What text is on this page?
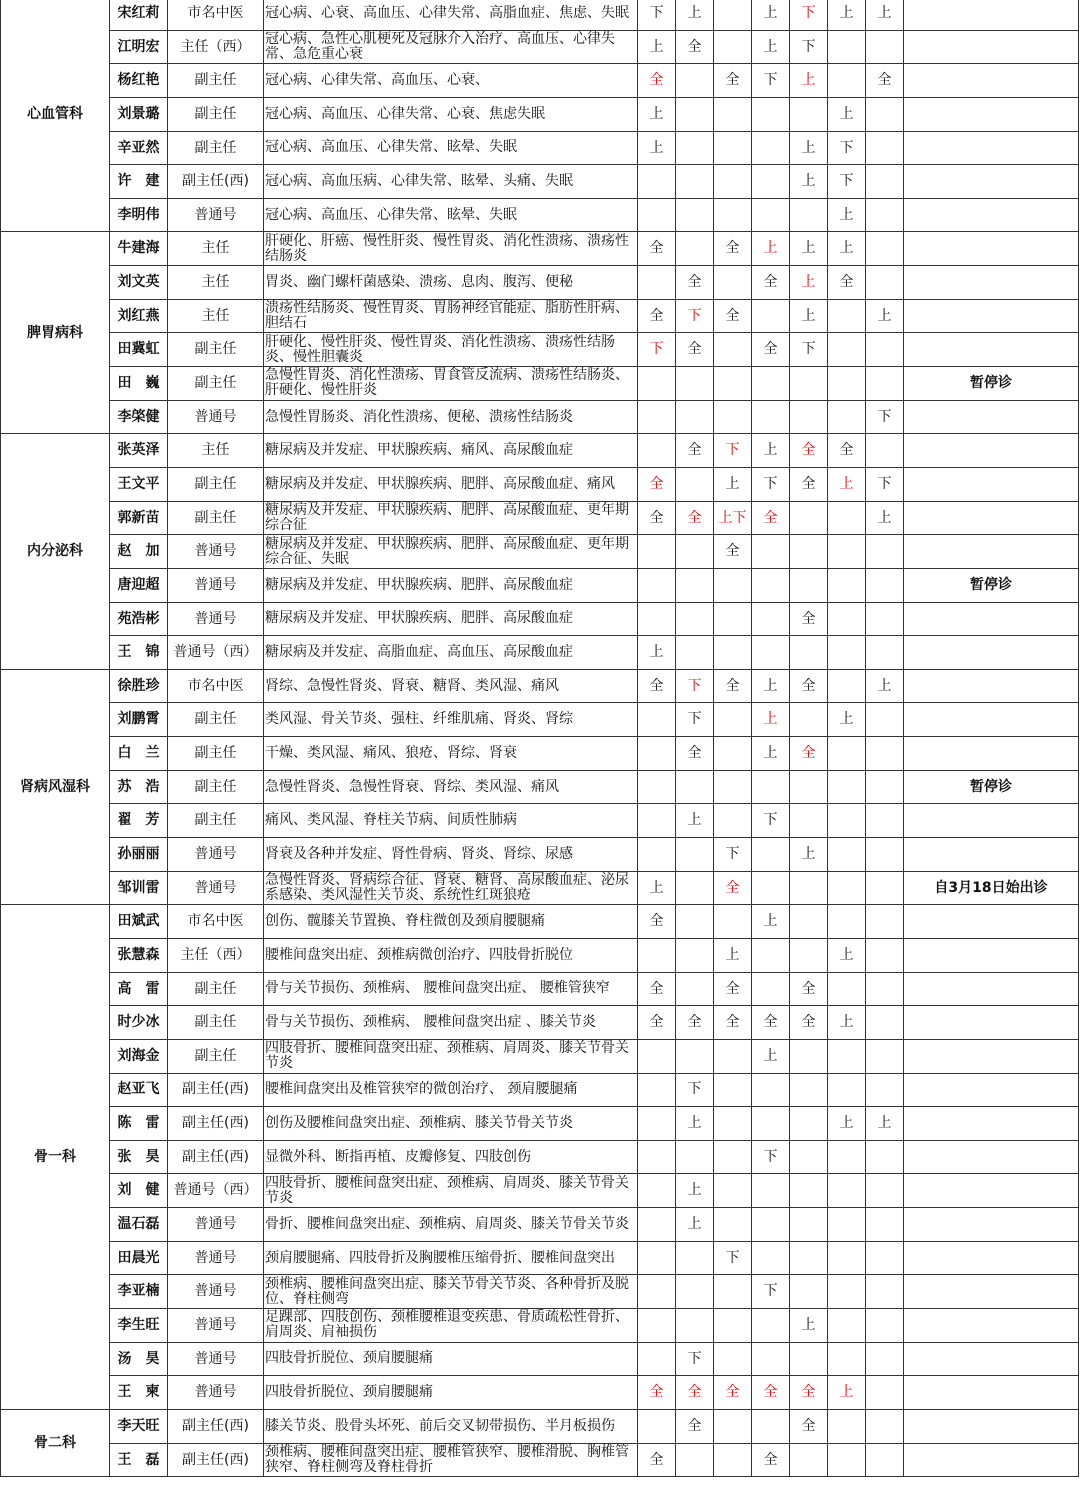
心血管科	宋红莉	市名中医	冠心病、心衰、高血压、心律失常、高脂血症、焦虑、失眠	下	上		上	下	上	上	
	江明宏	主任（西）	冠心病、急性心肌梗死及冠脉介入治疗、高血压、心律失常、急危重心衰	上	全		上	下			
	杨红艳	副主任	冠心病、心律失常、高血压、心衰、	全		全	下	上		全	
	刘景璐	副主任	冠心病、高血压、心律失常、心衰、焦虑失眠	上					上		
	辛亚然	副主任	冠心病、高血压、心律失常、眩晕、失眠	上				上	下		
	许　建	副主任(西)	冠心病、高血压病、心律失常、眩晕、头痛、失眠					上	下		
	李明伟	普通号	冠心病、高血压、心律失常、眩晕、失眠						上		
脾胃病科	牛建海	主任	肝硬化、肝癌、慢性肝炎、慢性胃炎、消化性溃疡、溃疡性结肠炎	全		全	上	上	上		
	刘文英	主任	胃炎、幽门螺杆菌感染、溃疡、息肉、腹泻、便秘		全		全	上	全		
	刘红燕	主任	溃疡性结肠炎、慢性胃炎、胃肠神经官能症、脂肪性肝病、胆结石	全	下	全		上		上	
	田冀虹	副主任	肝硬化、慢性肝炎、慢性胃炎、消化性溃疡、溃疡性结肠炎、慢性胆囊炎	下	全		全	下			
	田　巍	副主任	急慢性胃炎、消化性溃疡、胃食管反流病、溃疡性结肠炎、肝硬化、慢性肝炎								暂停诊
	李棨健	普通号	急慢性胃肠炎、消化性溃疡、便秘、溃疡性结肠炎							下	
内分泌科	张英泽	主任	糖尿病及并发症、甲状腺疾病、痛风、高尿酸血症		全	下	上	全	全		
	王文平	副主任	糖尿病及并发症、甲状腺疾病、肥胖、高尿酸血症、痛风	全		上	下	全	上	下	
	郭新苗	副主任	糖尿病及并发症、甲状腺疾病、肥胖、高尿酸血症、更年期综合征	全	全	上下	全			上	
	赵　加	普通号	糖尿病及并发症、甲状腺疾病、肥胖、高尿酸血症、更年期综合征、失眠			全					
	唐迎超	普通号	糖尿病及并发症、甲状腺疾病、肥胖、高尿酸血症								暂停诊
	苑浩彬	普通号	糖尿病及并发症、甲状腺疾病、肥胖、高尿酸血症					全			
	王　锦	普通号（西）	糖尿病及并发症、高脂血症、高血压、高尿酸血症	上							
肾病风湿科	徐胜珍	市名中医	肾综、急慢性肾炎、肾衰、糖肾、类风湿、痛风	全	下	全	上	全		上	
	刘鹏霄	副主任	类风湿、骨关节炎、强柱、纤维肌痛、肾炎、肾综		下		上		上		
	白　兰	副主任	干燥、类风湿、痛风、狼疮、肾综、肾衰		全		上	全			
	苏　浩	副主任	急慢性肾炎、急慢性肾衰、肾综、类风湿、痛风								暂停诊
	翟　芳	副主任	痛风、类风湿、脊柱关节病、间质性肺病		上		下				
	孙丽丽	普通号	肾衰及各种并发症、肾性骨病、肾炎、肾综、尿感			下		上			
	邹训雷	普通号	急慢性肾炎、肾病综合征、肾衰、糖肾、高尿酸血症、泌尿系感染、类风湿性关节炎、系统性红斑狼疮	上		全					自3月18日始出诊
骨一科	田斌武	市名中医	创伤、髋膝关节置换、脊柱微创及颈肩腰腿痛	全			上				
	张慧森	主任（西）	腰椎间盘突出症、颈椎病微创治疗、四肢骨折脱位			上			上		
	高　雷	副主任	骨与关节损伤、颈椎病、 腰椎间盘突出症、 腰椎管狭窄	全		全		全			
	时少冰	副主任	骨与关节损伤、颈椎病、 腰椎间盘突出症 、膝关节炎	全	全	全	全	全	上		
	刘海金	副主任	四肢骨折、腰椎间盘突出症、颈椎病、肩周炎、膝关节骨关节炎				上				
	赵亚飞	副主任(西)	腰椎间盘突出及椎管狭窄的微创治疗、 颈肩腰腿痛		下						
	陈　雷	副主任(西)	创伤及腰椎间盘突出症、颈椎病、膝关节骨关节炎		上				上	上	
	张　昊	副主任(西)	显微外科、断指再植、皮瓣修复、四肢创伤				下				
	刘　健	普通号（西）	四肢骨折、腰椎间盘突出症、颈椎病、肩周炎、膝关节骨关节炎		上						
	温石磊	普通号	骨折、腰椎间盘突出症、颈椎病、肩周炎、膝关节骨关节炎		上						
	田晨光	普通号	颈肩腰腿痛、四肢骨折及胸腰椎压缩骨折、腰椎间盘突出			下					
	李亚楠	普通号	颈椎病、腰椎间盘突出症、膝关节骨关节炎、各种骨折及脱位、脊柱侧弯				下				
	李生旺	普通号	足踝部、四肢创伤、颈椎腰椎退变疾患、骨质疏松性骨折、肩周炎、肩袖损伤					上			
	汤　昊	普通号	四肢骨折脱位、颈肩腰腿痛		下						
	王　柬	普通号	四肢骨折脱位、颈肩腰腿痛	全	全	全	全	全	上		
骨二科	李天旺	副主任(西)	膝关节炎、股骨头坏死、前后交叉韧带损伤、半月板损伤		全			全			
	王　磊	副主任(西)	颈椎病、腰椎间盘突出症、腰椎管狭窄、腰椎滑脱、胸椎管狭窄、脊柱侧弯及脊柱骨折	全			全				
